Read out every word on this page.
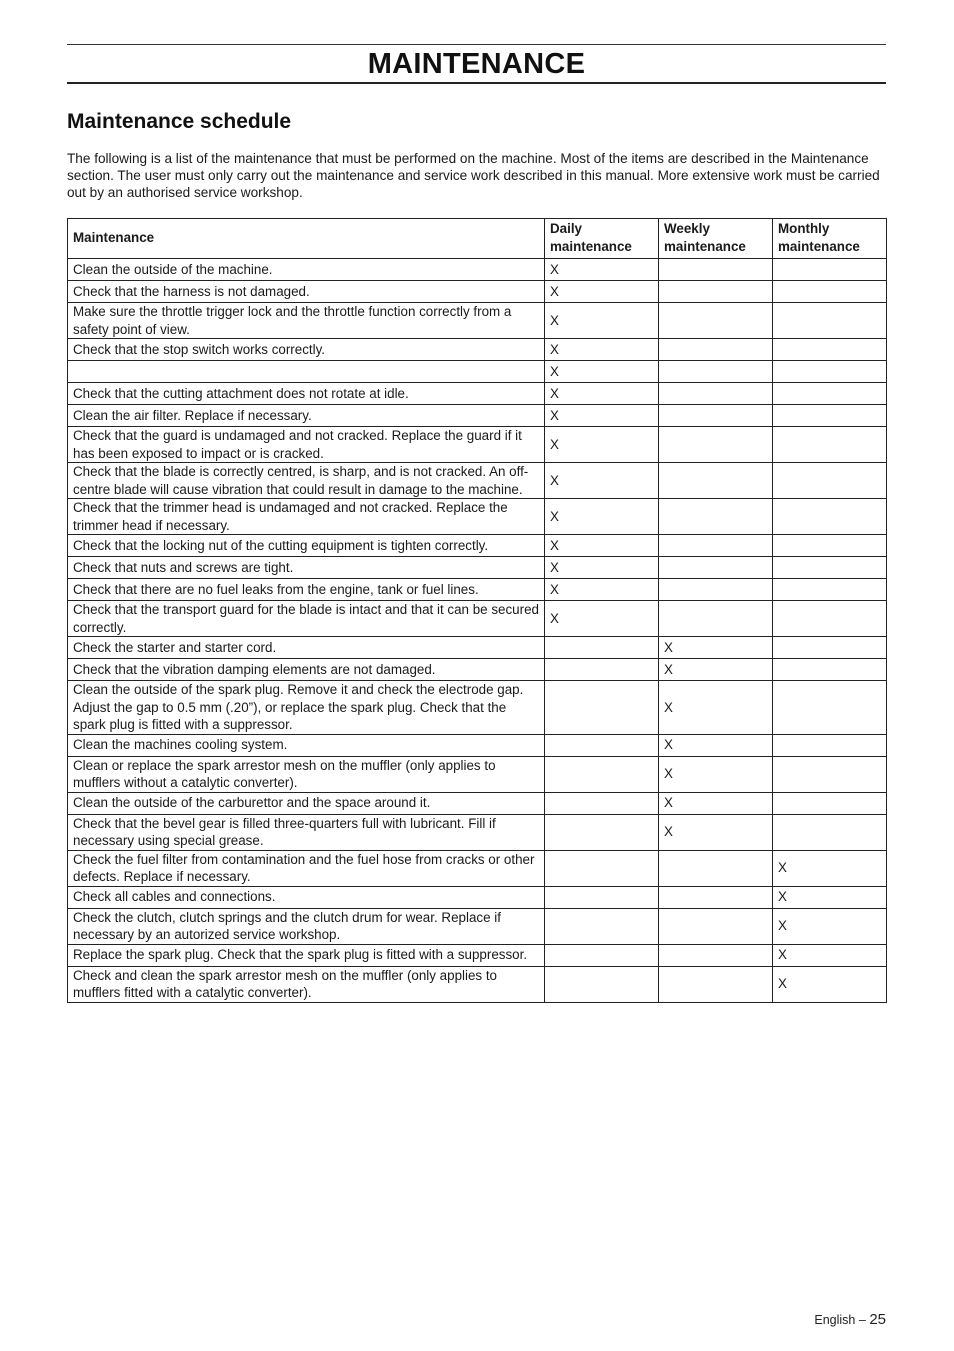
MAINTENANCE
Maintenance schedule

The following is a list of the maintenance that must be performed on the machine. Most of the items are described in the Maintenance section. The user must only carry out the maintenance and service work described in this manual. More extensive work must be carried out by an authorised service workshop.

Maintenance	Daily maintenance	Weekly maintenance	Monthly maintenance
Clean the outside of the machine.	X		
Check that the harness is not damaged.	X		
Make sure the throttle trigger lock and the throttle function correctly from a safety point of view.	X		
Check that the stop switch works correctly.	X		
	X		
Check that the cutting attachment does not rotate at idle.	X		
Clean the air filter. Replace if necessary.	X		
Check that the guard is undamaged and not cracked. Replace the guard if it has been exposed to impact or is cracked.	X		
Check that the blade is correctly centred, is sharp, and is not cracked. An off-centre blade will cause vibration that could result in damage to the machine.	X		
Check that the trimmer head is undamaged and not cracked. Replace the trimmer head if necessary.	X		
Check that the locking nut of the cutting equipment is tighten correctly.	X		
Check that nuts and screws are tight.	X		
Check that there are no fuel leaks from the engine, tank or fuel lines.	X		
Check that the transport guard for the blade is intact and that it can be secured correctly.	X		
Check the starter and starter cord.		X	
Check that the vibration damping elements are not damaged.		X	
Clean the outside of the spark plug. Remove it and check the electrode gap. Adjust the gap to 0.5 mm (.20”), or replace the spark plug. Check that the spark plug is fitted with a suppressor.		X	
Clean the machines cooling system.		X	
Clean or replace the spark arrestor mesh on the muffler (only applies to mufflers without a catalytic converter).		X	
Clean the outside of the carburettor and the space around it.		X	
Check that the bevel gear is filled three-quarters full with lubricant. Fill if necessary using special grease.		X	
Check the fuel filter from contamination and the fuel hose from cracks or other defects. Replace if necessary.			X
Check all cables and connections.			X
Check the clutch, clutch springs and the clutch drum for wear. Replace if necessary by an autorized service workshop.			X
Replace the spark plug. Check that the spark plug is fitted with a suppressor.			X
Check and clean the spark arrestor mesh on the muffler (only applies to mufflers fitted with a catalytic converter).			X
English – 25
